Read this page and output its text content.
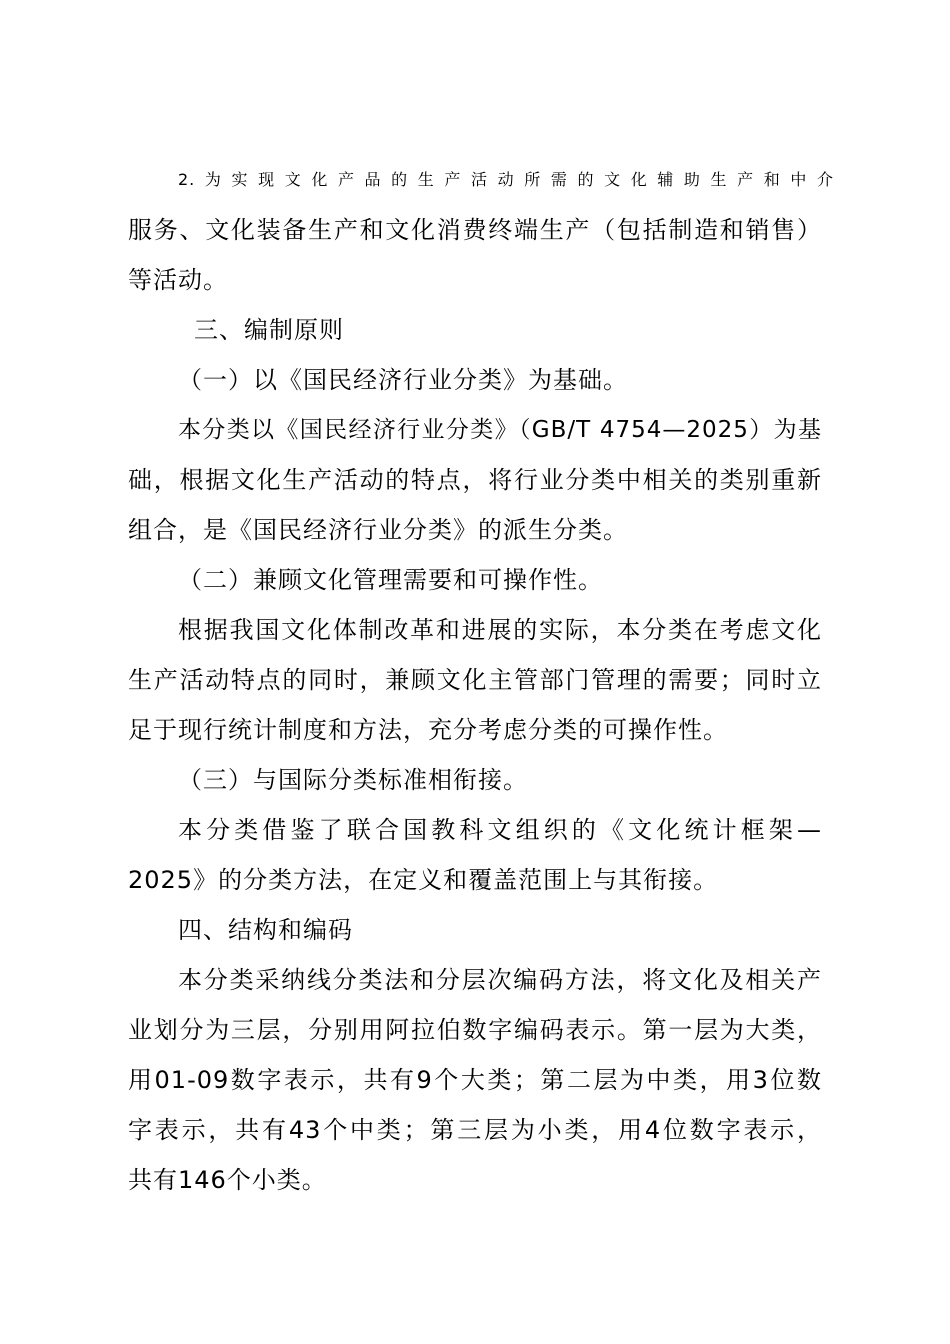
2.为实现文化产品的生产活动所需的文化辅助生产和中介

服务、文化装备生产和文化消费终端生产（包括制造和销售）

等活动。

三、编制原则

（一）以《国民经济行业分类》为基础。

本分类以《国民经济行业分类》（GB/T 4754—2025）为基

础，根据文化生产活动的特点，将行业分类中相关的类别重新

组合，是《国民经济行业分类》的派生分类。

（二）兼顾文化管理需要和可操作性。

根据我国文化体制改革和进展的实际，本分类在考虑文化

生产活动特点的同时，兼顾文化主管部门管理的需要；同时立

足于现行统计制度和方法，充分考虑分类的可操作性。

（三）与国际分类标准相衔接。

本分类借鉴了联合国教科文组织的《文化统计框架—

2025》的分类方法，在定义和覆盖范围上与其衔接。

四、结构和编码

本分类采纳线分类法和分层次编码方法，将文化及相关产

业划分为三层，分别用阿拉伯数字编码表示。第一层为大类，

用01-09数字表示，共有9个大类；第二层为中类，用3位数

字表示，共有43个中类；第三层为小类，用4位数字表示，

共有146个小类。
